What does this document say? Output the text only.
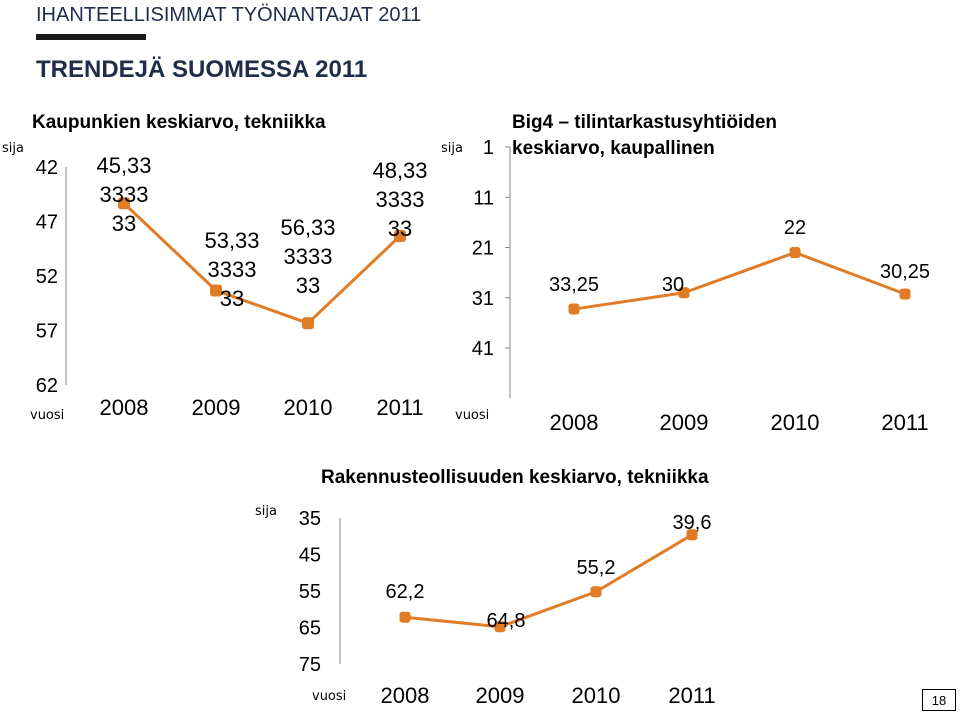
IHANTEELLISIMMAT TYÖNANTAJAT 2011
TRENDEJÄ SUOMESSA 2011
Kaupunkien keskiarvo, tekniikka
sija
vuosi
42
47
52
57
62
2008 2009 2010 2011
45,33
3333
33
53,33
3333
33
56,33
3333
33
48,33
3333
33
Big4 – tilintarkastusyhtiöiden
keskiarvo, kaupallinen
sija
vuosi
1
11
21
31
41
2008	2009	2010	2011
33,25	30
22
30,25
Rakennusteollisuuden keskiarvo, tekniikka
sija
vuosi
35
45
55
65
75
2008 2009 2010 2011
62,2
64,8
55,2
39,6
18
